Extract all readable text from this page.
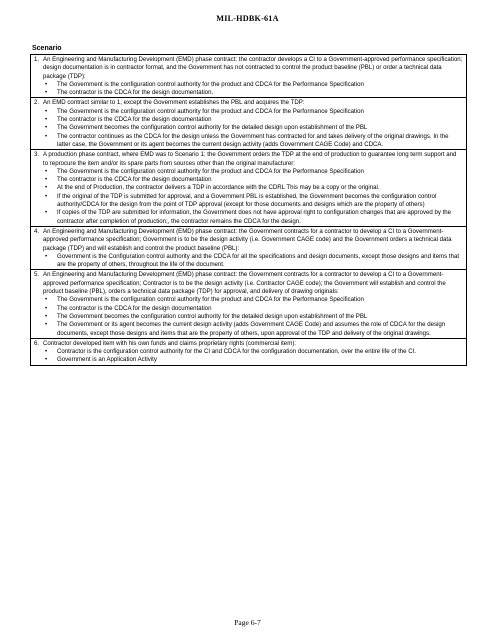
MIL-HDBK-61A
Scenario
1. An Engineering and Manufacturing Development (EMD) phase contract: the contractor develops a CI to a Government-approved performance specification; design documentation is in contractor format, and the Government has not contracted to control the product baseline (PBL) or order a technical data package (TDP):
•	The Government is the configuration control authority for the product and CDCA for the Performance Specification
•	The contractor is the CDCA for the design documentation.

2. An EMD contract similar to 1, except the Government establishes the PBL and acquires the TDP:
•	The Government is the configuration control authority for the product and CDCA for the Performance Specification
•	The contractor is the CDCA for the design documentation
•	The Government becomes the configuration control authority for the detailed design upon establishment of the PBL
•	The contractor continues as the CDCA for the design unless the Government has contracted for and takes delivery of the original drawings. In the latter case, the Government or its agent becomes the current design activity (adds Government CAGE Code) and CDCA.

3. A production phase contract, where EMD was to Scenario 1: the Government orders the TDP at the end of production to guarantee long term support and to reprocure the item and/or its spare parts from sources other than the original manufacturer:
•	The Government is the configuration control authority for the product and CDCA for the Performance Specification
•	The contractor is the CDCA for the design documentation
•	At the end of Production, the contractor delivers a TDP in accordance with the CDRL This may be a copy or the original.
•	If the original of the TDP is submitted for approval, and a Government PBL is established, the Government becomes the configuration control authority/CDCA for the design from the point of TDP approval (except for those documents and designs which are the property of others)
•	If copies of the TDP are submitted for information, the Government does not have approval right to configuration changes that are approved by the contractor after completion of production;, the contractor remains the CDCA for the design.

4. An Engineering and Manufacturing Development (EMD) phase contract: the Government contracts for a contractor to develop a CI to a Government-approved performance specification; Government is to be the design activity (i.e. Government CAGE code) and the Government orders a technical data package (TDP) and will establish and control the product baseline (PBL):
•	Government is the Configuration control authority and the CDCA for all the specifications and design documents, except those designs and items that are the property of others, throughout the life of the document.

5. An Engineering and Manufacturing Development (EMD) phase contract: the Government contracts for a contractor to develop a CI to a Government-approved performance specification; Contractor is to be the design activity (i.e. Contractor CAGE code); the Government will establish and control the product baseline (PBL), orders a technical data package (TDP) for approval, and delivery of drawing originals:
•	The Government is the configuration control authority for the product and CDCA for the Performance Specification
•	The contractor is the CDCA for the design documentation
•	The Government becomes the configuration control authority for the detailed design upon establishment of the PBL
•	The Government or its agent becomes the current design activity (adds Government CAGE Code) and assumes the role of CDCA for the design documents, except those designs and items that are the property of others, upon approval of the TDP and delivery of the original drawings.

6. Contractor developed item with his own funds and claims proprietary rights (commercial item):
•	Contractor is the configuration control authority for the CI and CDCA for the configuration documentation, over the entire life of the CI.
•	Government is an Application Activity
Page 6-7
